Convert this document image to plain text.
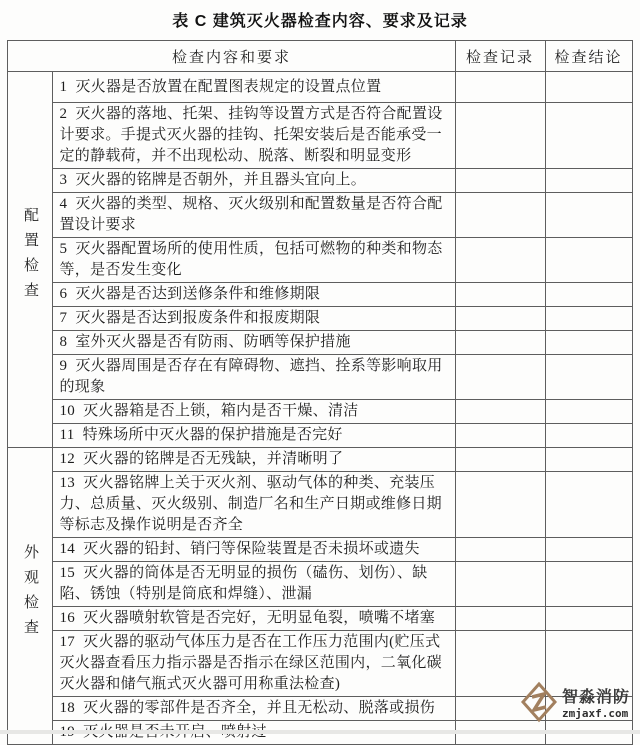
表 C 建筑灭火器检查内容、要求及记录
检查内容和要求		检查记录	检查结论
配置检查	1  灭火器是否放置在配置图表规定的设置点位置		
	2  灭火器的落地、托架、挂钩等设置方式是否符合配置设计要求。手提式灭火器的挂钩、托架安装后是否能承受一定的静载荷，并不出现松动、脱落、断裂和明显变形		
	3  灭火器的铭牌是否朝外，并且器头宜向上。		
	4  灭火器的类型、规格、灭火级别和配置数量是否符合配置设计要求		
	5  灭火器配置场所的使用性质，包括可燃物的种类和物态等，是否发生变化		
	6  灭火器是否达到送修条件和维修期限		
	7  灭火器是否达到报废条件和报废期限		
	8  室外灭火器是否有防雨、防晒等保护措施		
	9  灭火器周围是否存在有障碍物、遮挡、拴系等影响取用的现象		
	10  灭火器箱是否上锁，箱内是否干燥、清洁		
	11  特殊场所中灭火器的保护措施是否完好		
外观检查	12  灭火器的铭牌是否无残缺，并清晰明了		
	13  灭火器铭牌上关于灭火剂、驱动气体的种类、充装压力、总质量、灭火级别、制造厂名和生产日期或维修日期等标志及操作说明是否齐全		
	14  灭火器的铅封、销闩等保险装置是否未损坏或遗失		
	15  灭火器的筒体是否无明显的损伤（磕伤、划伤）、缺陷、锈蚀（特别是筒底和焊缝）、泄漏		
	16  灭火器喷射软管是否完好，无明显龟裂，喷嘴不堵塞		
	17  灭火器的驱动气体压力是否在工作压力范围内(贮压式灭火器查看压力指示器是否指示在绿区范围内，二氧化碳灭火器和储气瓶式灭火器可用称重法检查)		
	18  灭火器的零部件是否齐全，并且无松动、脱落或损伤		

智淼消防
zmjaxf.com
